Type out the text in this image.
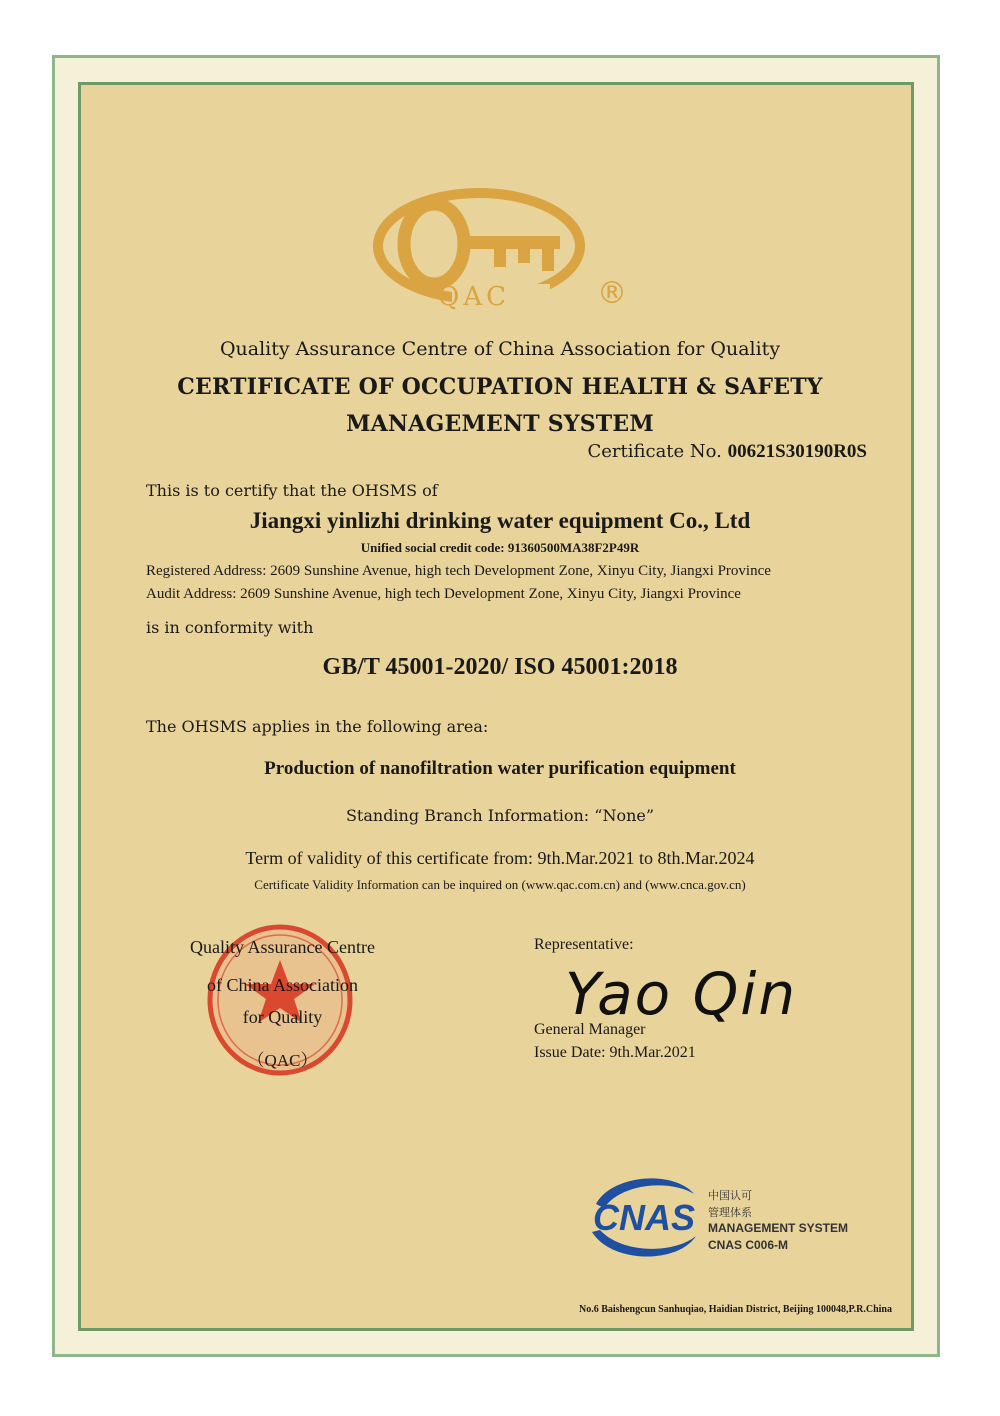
QAC	®
Quality Assurance Centre of China Association for Quality
CERTIFICATE OF OCCUPATION HEALTH & SAFETY
MANAGEMENT SYSTEM
Certificate No. 00621S30190R0S
This is to certify that the OHSMS of
Jiangxi yinlizhi drinking water equipment Co., Ltd
Unified social credit code: 91360500MA38F2P49R
Registered Address: 2609 Sunshine Avenue, high tech Development Zone, Xinyu City, Jiangxi Province
Audit Address: 2609 Sunshine Avenue, high tech Development Zone, Xinyu City, Jiangxi Province
is in conformity with
GB/T 45001-2020/ ISO 45001:2018
The OHSMS applies in the following area:
Production of nanofiltration water purification equipment
Standing Branch Information: “None”
Term of validity of this certificate from: 9th.Mar.2021 to 8th.Mar.2024
Certificate Validity Information can be inquired on (www.qac.com.cn) and (www.cnca.gov.cn)
Quality Assurance Centre
of China Association
for Quality
（QAC）
Representative:
Yao Qin
General Manager
Issue Date: 9th.Mar.2021
CNAS
中国认可
管理体系
MANAGEMENT SYSTEM
CNAS C006-M
No.6 Baishengcun Sanhuqiao, Haidian District, Beijing 100048,P.R.China
